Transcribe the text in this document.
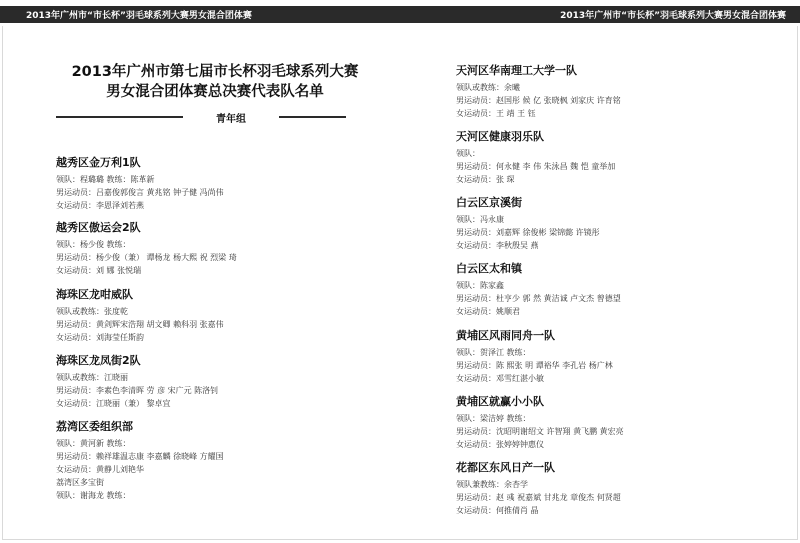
2013年广州市“市长杯”羽毛球系列大赛男女混合团体赛	2013年广州市“市长杯”羽毛球系列大赛男女混合团体赛
2013年广州市第七届市长杯羽毛球系列大赛
男女混合团体赛总决赛代表队名单
青年组
越秀区金万利1队
领队：程璐璐 教练：陈革新
男运动员：吕嘉俊郭俊言 黄兆铭 钟子健 冯尚伟
女运动员：李恩泽刘若燕
越秀区傲运会2队
领队：杨少俊 教练：
男运动员：杨少俊（兼） 谭杨龙 杨大熙 祝 烈梁 琦
女运动员：刘 娜 张悦瑞
海珠区龙咁威队
领队或教练：张度乾
男运动员：黄剑辉宋浩翔 胡文卿 赖科羽 张嘉伟
女运动员：刘海莹任斯韵
海珠区龙凤街2队
领队或教练：江晓丽
男运动员：李素色李清晖 劳 彦 宋广元 陈洛钊
女运动员：江晓丽（兼） 黎卓宜
荔湾区委组织部
领队：黄河新 教练：
男运动员：赖祥雄温志康 李嘉麟 徐晓峰 方耀国
女运动员：黄静儿刘艳华
荔湾区多宝街
领队：谢海龙 教练：
天河区华南理工大学一队
领队或教练：余曦
男运动员：赵国彤 候 亿 张晓枫 刘家庆 许育铭
女运动员：王 靖 王 钰
天河区健康羽乐队
领队：
男运动员：何永健 李 伟 朱泳昌 魏 恺 童举加
女运动员：张 琛
白云区京溪街
领队：冯永康
男运动员：刘嘉辉 徐俊彬 梁锦懿 许镜彤
女运动员：李秋殷吴 燕
白云区太和镇
领队：陈家鑫
男运动员：杜亨少 郭 然 黄洁诚 卢文杰 曾德望
女运动员：姚顺君
黄埔区风雨同舟一队
领队：贺泽江 教练：
男运动员：陈 熙张 明 谭裕华 李孔岩 杨广林
女运动员：邓雪红湛小敏
黄埔区就赢小小队
领队：梁洁婷 教练：
男运动员：沈昭明谢绍文 许智翔 黄飞鹏 黄宏亮
女运动员：张婷婷钟惠仪
花都区东风日产一队
领队兼教练：余杏学
男运动员：赵 彧 祝嘉斌 甘兆龙 章俊杰 何贤超
女运动员：何推倩肖 晶
